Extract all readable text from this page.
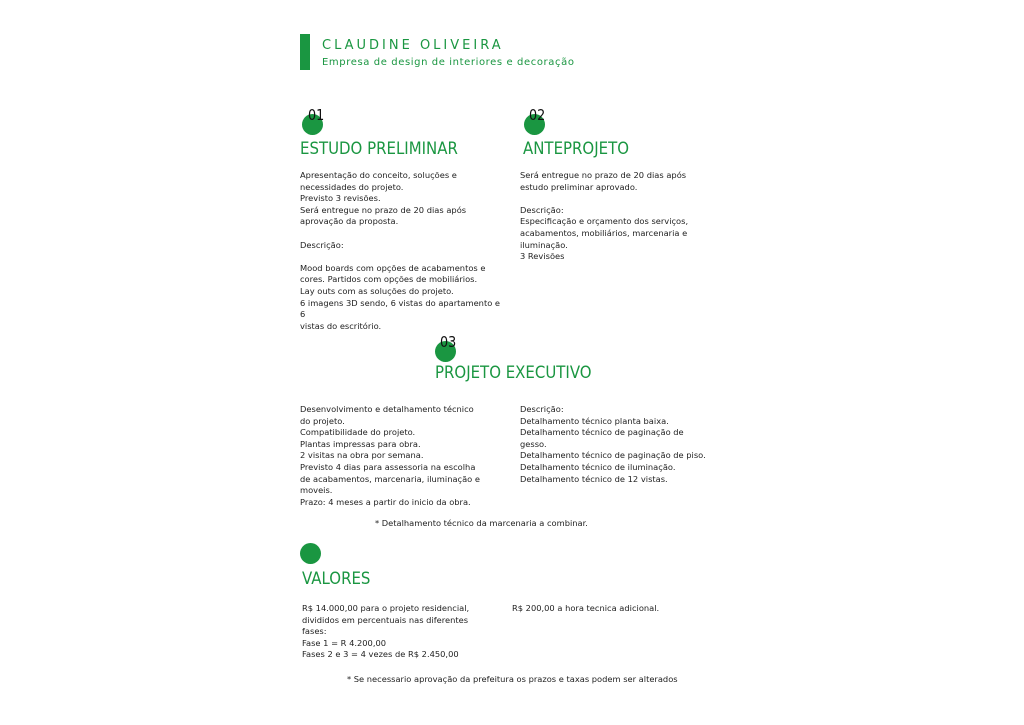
CLAUDINE OLIVEIRA
Empresa de design de interiores e decoração
01
ESTUDO PRELIMINAR
Apresentação do conceito, soluções e
necessidades do projeto.
Previsto 3 revisões.
Será entregue no prazo de 20 dias após
aprovação da proposta.

Descrição:

Mood boards com opções de acabamentos e
cores. Partidos com opções de mobiliários.
Lay outs com as soluções do projeto.
6 imagens 3D sendo, 6 vistas do apartamento e 6
vistas do escritório.
02
ANTEPROJETO
Será entregue no prazo de 20 dias após
estudo preliminar aprovado.

Descrição:
Especificação e orçamento dos serviços,
acabamentos, mobiliários, marcenaria e
iluminação.
3 Revisões
03
PROJETO EXECUTIVO
Desenvolvimento e detalhamento técnico
do projeto.
Compatibilidade do projeto.
Plantas impressas para obra.
2 visitas na obra por semana.
Previsto 4 dias para assessoria na escolha
de acabamentos, marcenaria, iluminação e
moveis.
Prazo: 4 meses a partir do inicio da obra.
Descrição:
Detalhamento técnico planta baixa.
Detalhamento técnico de paginação de
gesso.
Detalhamento técnico de paginação de piso.
Detalhamento técnico de iluminação.
Detalhamento técnico de 12 vistas.
* Detalhamento técnico da marcenaria a combinar.
VALORES
R$ 14.000,00 para o projeto residencial,
divididos em percentuais nas diferentes
fases:
Fase 1 = R 4.200,00
Fases 2 e 3 = 4 vezes de R$ 2.450,00
R$ 200,00 a hora tecnica adicional.
* Se necessario aprovação da prefeitura os prazos e taxas podem ser alterados
